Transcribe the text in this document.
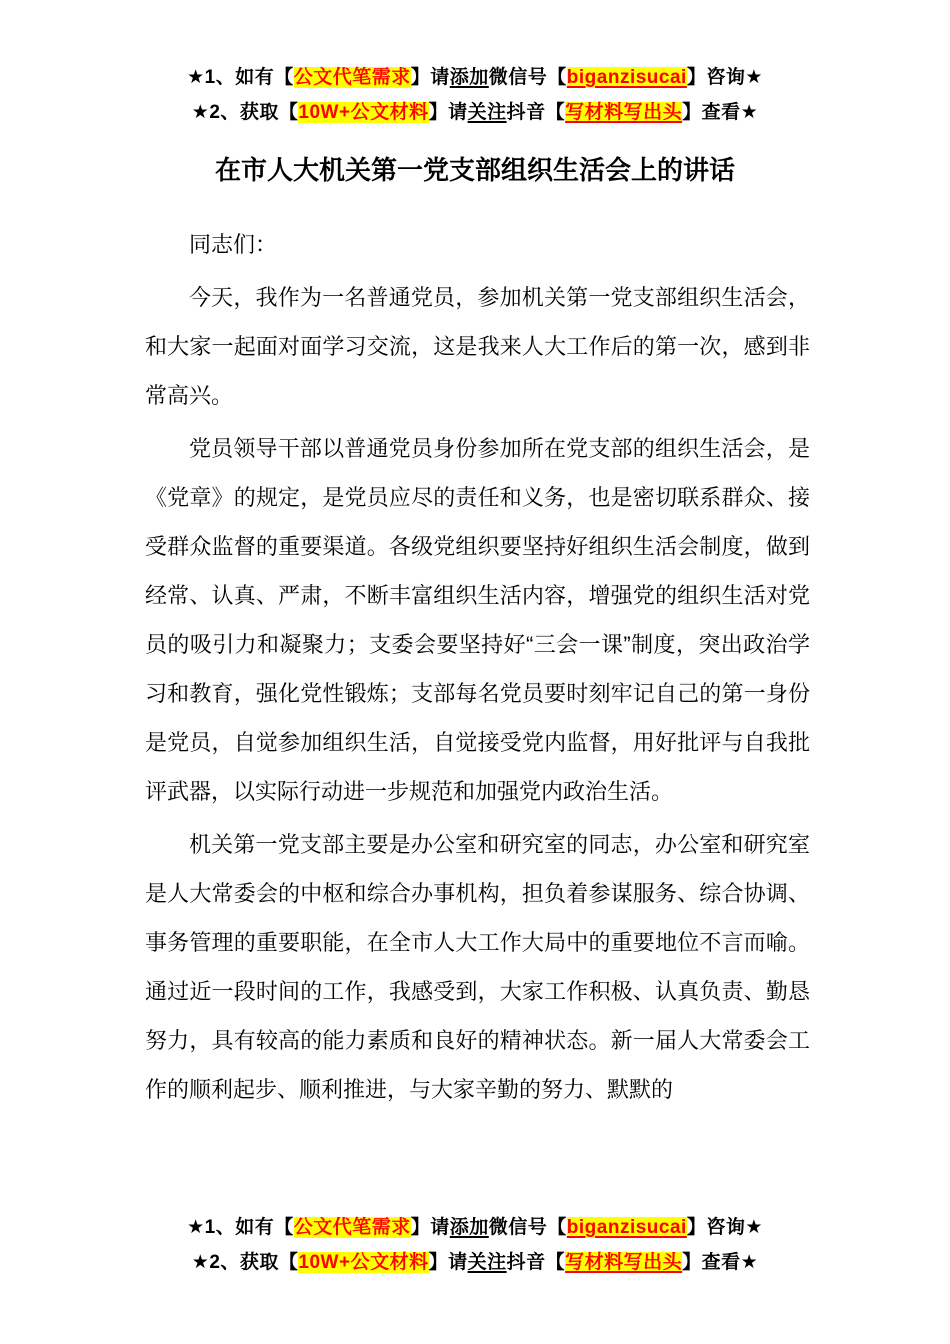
★1、如有【公文代笔需求】请添加微信号【biganzisucai】咨询★
★2、获取【10W+公文材料】请关注抖音【写材料写出头】查看★
在市人大机关第一党支部组织生活会上的讲话

同志们：

今天，我作为一名普通党员，参加机关第一党支部组织生活会，和大家一起面对面学习交流，这是我来人大工作后的第一次，感到非常高兴。

党员领导干部以普通党员身份参加所在党支部的组织生活会，是《党章》的规定，是党员应尽的责任和义务，也是密切联系群众、接受群众监督的重要渠道。各级党组织要坚持好组织生活会制度，做到经常、认真、严肃，不断丰富组织生活内容，增强党的组织生活对党员的吸引力和凝聚力；支委会要坚持好“三会一课”制度，突出政治学习和教育，强化党性锻炼；支部每名党员要时刻牢记自己的第一身份是党员，自觉参加组织生活，自觉接受党内监督，用好批评与自我批评武器，以实际行动进一步规范和加强党内政治生活。

机关第一党支部主要是办公室和研究室的同志，办公室和研究室是人大常委会的中枢和综合办事机构，担负着参谋服务、综合协调、事务管理的重要职能，在全市人大工作大局中的重要地位不言而喻。通过近一段时间的工作，我感受到，大家工作积极、认真负责、勤恳努力，具有较高的能力素质和良好的精神状态。新一届人大常委会工作的顺利起步、顺利推进，与大家辛勤的努力、默默的

★1、如有【公文代笔需求】请添加微信号【biganzisucai】咨询★
★2、获取【10W+公文材料】请关注抖音【写材料写出头】查看★
